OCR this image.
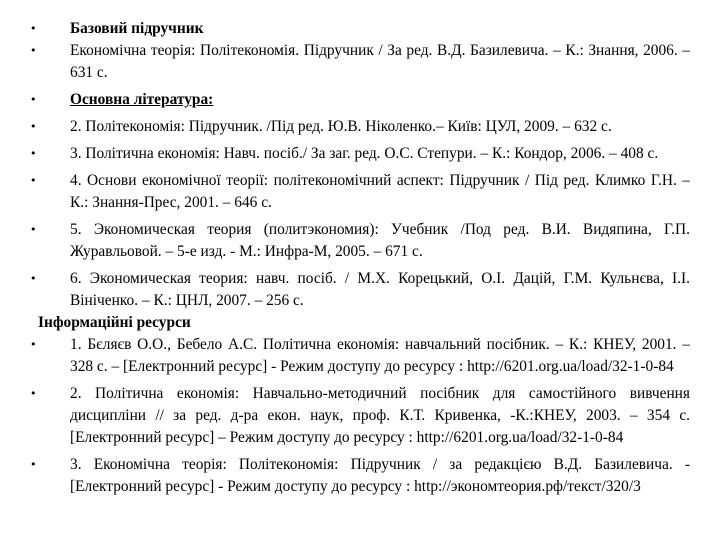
• Базовий підручник
• Економічна теорія: Політекономія. Підручник / За ред. В.Д. Базилевича. – К.: Знання, 2006. – 631 с.
• Основна література:
• 2. Політекономія: Підручник. /Під ред. Ю.В. Ніколенко.– Київ: ЦУЛ, 2009. – 632 с.
• 3. Політична економія: Навч. посіб./ За заг. ред. О.С. Степури. – К.: Кондор, 2006. – 408 с.
• 4. Основи економічної теорії: політекономічний аспект: Підручник / Під ред. Климко Г.Н. – К.: Знання-Прес, 2001. – 646 с.
• 5. Экономическая теория (политэкономия): Учебник /Под ред. В.И. Видяпина, Г.П. Журавльовой. – 5-е изд. - М.: Инфра-М, 2005. – 671 с.
• 6. Экономическая теория: навч. посіб. / М.Х. Корецький, О.І. Дацій, Г.М. Кульнєва, І.І. Вініченко. – К.: ЦНЛ, 2007. – 256 с.
Інформаційні ресурси
• 1. Бєляєв О.О., Бебело А.С. Політична економія: навчальний посібник. – К.: КНЕУ, 2001. – 328 с. – [Електронний ресурс] - Режим доступу до ресурсу : http://6201.org.ua/load/32-1-0-84
• 2. Політична економія: Навчально-методичний посібник для самостійного вивчення дисципліни // за ред. д-ра екон. наук, проф. К.Т. Кривенка, -К.:КНЕУ, 2003. – 354 с. [Електронний ресурс] – Режим доступу до ресурсу : http://6201.org.ua/load/32-1-0-84
• 3. Економічна теорія: Політекономія: Підручник / за редакцією В.Д. Базилевича. - [Електронний ресурс] - Режим доступу до ресурсу : http://экономтеория.рф/текст/320/3
